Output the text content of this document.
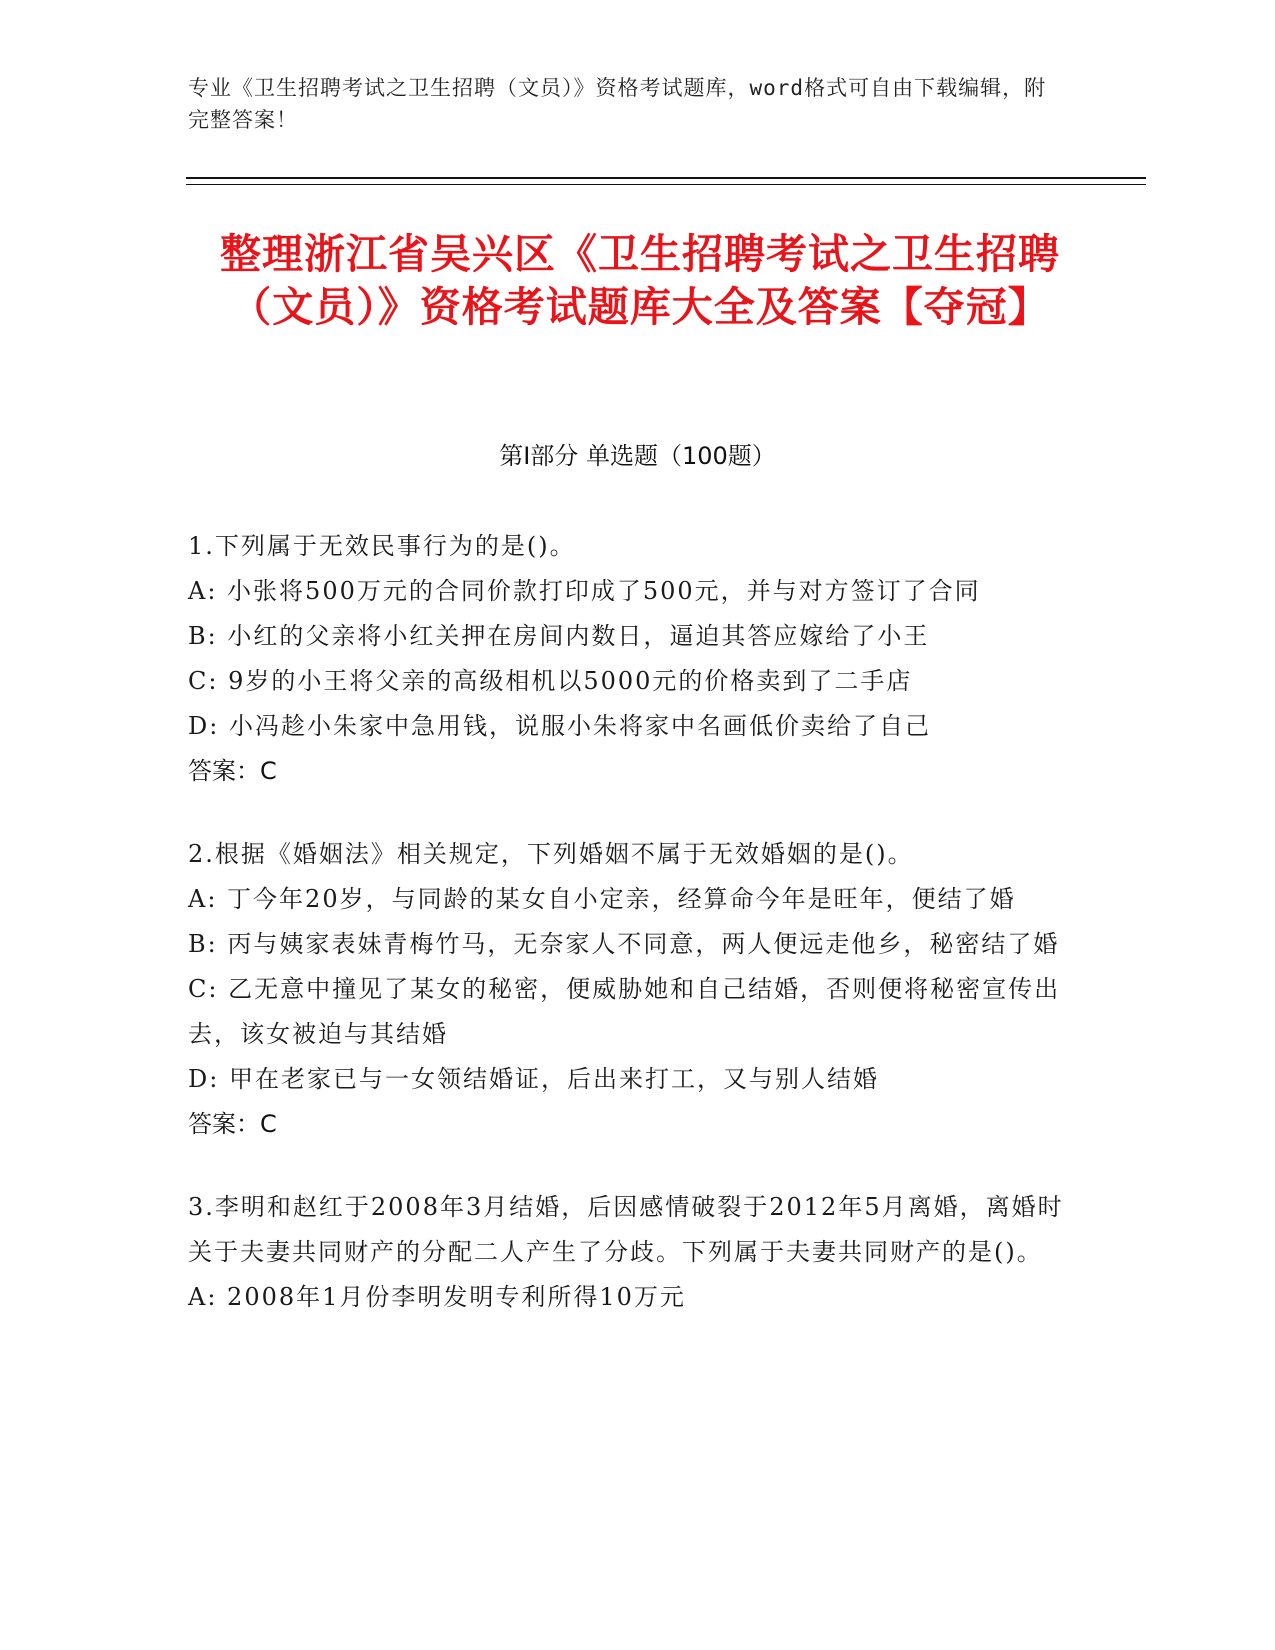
专业《卫生招聘考试之卫生招聘（文员）》资格考试题库，word格式可自由下载编辑，附完整答案！
整理浙江省吴兴区《卫生招聘考试之卫生招聘（文员）》资格考试题库大全及答案【夺冠】
第Ⅰ部分 单选题（100题）
1.下列属于无效民事行为的是()。
A: 小张将500万元的合同价款打印成了500元，并与对方签订了合同
B: 小红的父亲将小红关押在房间内数日，逼迫其答应嫁给了小王
C: 9岁的小王将父亲的高级相机以5000元的价格卖到了二手店
D: 小冯趁小朱家中急用钱，说服小朱将家中名画低价卖给了自己
答案：C
2.根据《婚姻法》相关规定，下列婚姻不属于无效婚姻的是()。
A: 丁今年20岁，与同龄的某女自小定亲，经算命今年是旺年，便结了婚
B: 丙与姨家表妹青梅竹马，无奈家人不同意，两人便远走他乡，秘密结了婚
C: 乙无意中撞见了某女的秘密，便威胁她和自己结婚，否则便将秘密宣传出去，该女被迫与其结婚
D: 甲在老家已与一女领结婚证，后出来打工，又与别人结婚
答案：C
3.李明和赵红于2008年3月结婚，后因感情破裂于2012年5月离婚，离婚时关于夫妻共同财产的分配二人产生了分歧。下列属于夫妻共同财产的是()。
A: 2008年1月份李明发明专利所得10万元
